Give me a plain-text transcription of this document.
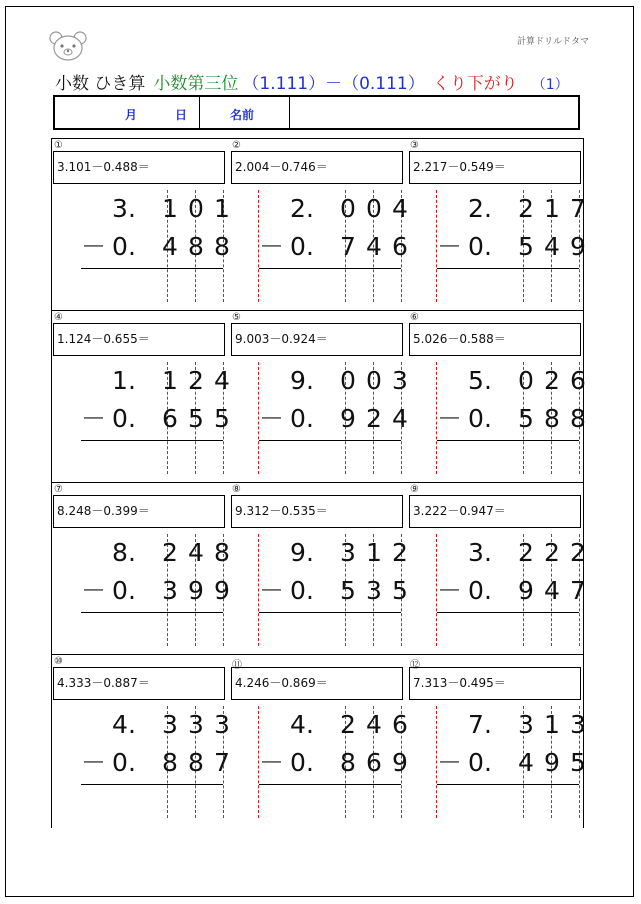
計算ドリルドタマ
小数 ひき算 小数第三位 （1.111）－（0.111） くり下がり （1）
月	日	名前
①
3.101－0.488＝
3 . 1 0 1
－ 0 . 4 8 8
②
2.004－0.746＝
2 . 0 0 4
－ 0 . 7 4 6
③
2.217－0.549＝
2 . 2 1 7
－ 0 . 5 4 9
④
1.124－0.655＝
1 . 1 2 4
－ 0 . 6 5 5
⑤
9.003－0.924＝
9 . 0 0 3
－ 0 . 9 2 4
⑥
5.026－0.588＝
5 . 0 2 6
－ 0 . 5 8 8
⑦
8.248－0.399＝
8 . 2 4 8
－ 0 . 3 9 9
⑧
9.312－0.535＝
9 . 3 1 2
－ 0 . 5 3 5
⑨
3.222－0.947＝
3 . 2 2 2
－ 0 . 9 4 7
⑩
4.333－0.887＝
4 . 3 3 3
－ 0 . 8 8 7
⑪
4.246－0.869＝
4 . 2 4 6
－ 0 . 8 6 9
⑫
7.313－0.495＝
7 . 3 1 3
－ 0 . 4 9 5
